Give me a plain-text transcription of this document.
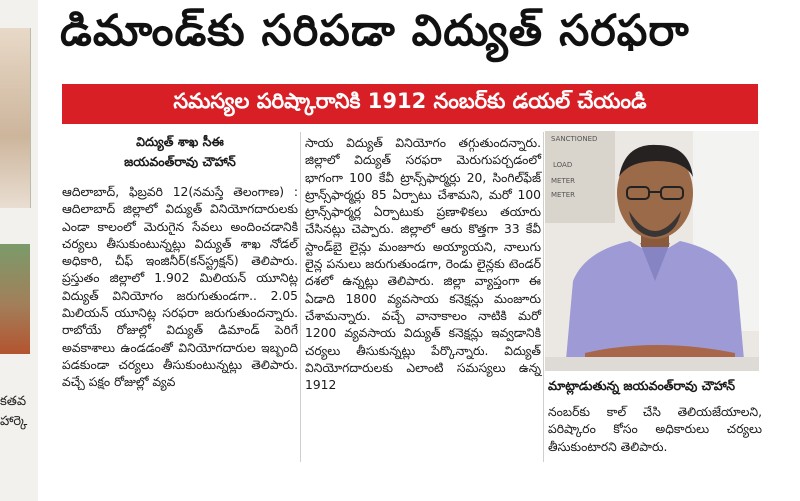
కతవ
హార్కె
డిమాండ్‌కు సరిపడా విద్యుత్‌ సరఫరా
సమస్యల పరిష్కారానికి 1912 నంబర్‌కు డయల్‌ చేయండి
విద్యుత్‌ శాఖ సీఈ
జయవంత్‌రావు చౌహాన్‌

ఆదిలాబాద్‌, ఫిబ్రవరి 12(నమస్తే తెలంగాణ) : ఆదిలాబాద్‌ జిల్లాలో విద్యుత్‌ వినియోగదారులకు ఎండా కాలంలో మెరుగైన సేవలు అందించడానికి చర్యలు తీసుకుంటున్నట్లు విద్యుత్‌ శాఖ నోడల్‌ అధికారి, చీఫ్‌ ఇంజినీర్‌(కన్‌స్ట్రక్షన్‌) తెలిపారు. ప్రస్తుతం జిల్లాలో 1.902 మిలియన్‌ యూనిట్ల విద్యుత్‌ వినియోగం జరుగుతుండగా.. 2.05 మిలియన్‌ యూనిట్ల సరఫరా జరుగుతుందన్నారు. రాబోయే రోజుల్లో విద్యుత్‌ డిమాండ్‌ పెరిగే అవకాశాలు ఉండడంతో వినియోగదారుల ఇబ్బంది పడకుండా చర్యలు తీసుకుంటున్నట్లు తెలిపారు. వచ్చే పక్షం రోజుల్లో వ్యవ

సాయ విద్యుత్‌ వినియోగం తగ్గుతుందన్నారు. జిల్లాలో విద్యుత్‌ సరఫరా మెరుగుపర్చడంలో భాగంగా 100 కేవీ ట్రాన్స్‌ఫార్మర్లు 20, సింగిల్‌ఫేజ్‌ ట్రాన్స్‌ఫార్మర్లు 85 ఏర్పాటు చేశామని, మరో 100 ట్రాన్స్‌ఫార్మర్ల ఏర్పాటుకు ప్రణాళికలు తయారు చేసినట్లు చెప్పారు. జిల్లాలో ఆరు కొత్తగా 33 కేవీ స్టాండ్‌బై లైన్లు మంజూరు అయ్యాయని, నాలుగు లైన్ల పనులు జరుగుతుండగా, రెండు లైన్లకు టెండర్‌ దశలో ఉన్నట్లు తెలిపారు. జిల్లా వ్యాప్తంగా ఈ ఏడాది 1800 వ్యవసాయ కనెక్షన్లు మంజూరు చేశామన్నారు. వచ్చే వానాకాలం నాటికి మరో 1200 వ్యవసాయ విద్యుత్‌ కనెక్షన్లు ఇవ్వడానికి చర్యలు తీసుకున్నట్లు పేర్కొన్నారు. విద్యుత్‌ వినియోగదారులకు ఎలాంటి సమస్యలు ఉన్న 1912

SANCTIONED
LOAD
METER
METER
మాట్లాడుతున్న జయవంత్‌రావు చౌహాన్‌

నంబర్‌కు కాల్‌ చేసి తెలియజేయాలని, పరిష్కారం కోసం అధికారులు చర్యలు తీసుకుంటారని తెలిపారు.
